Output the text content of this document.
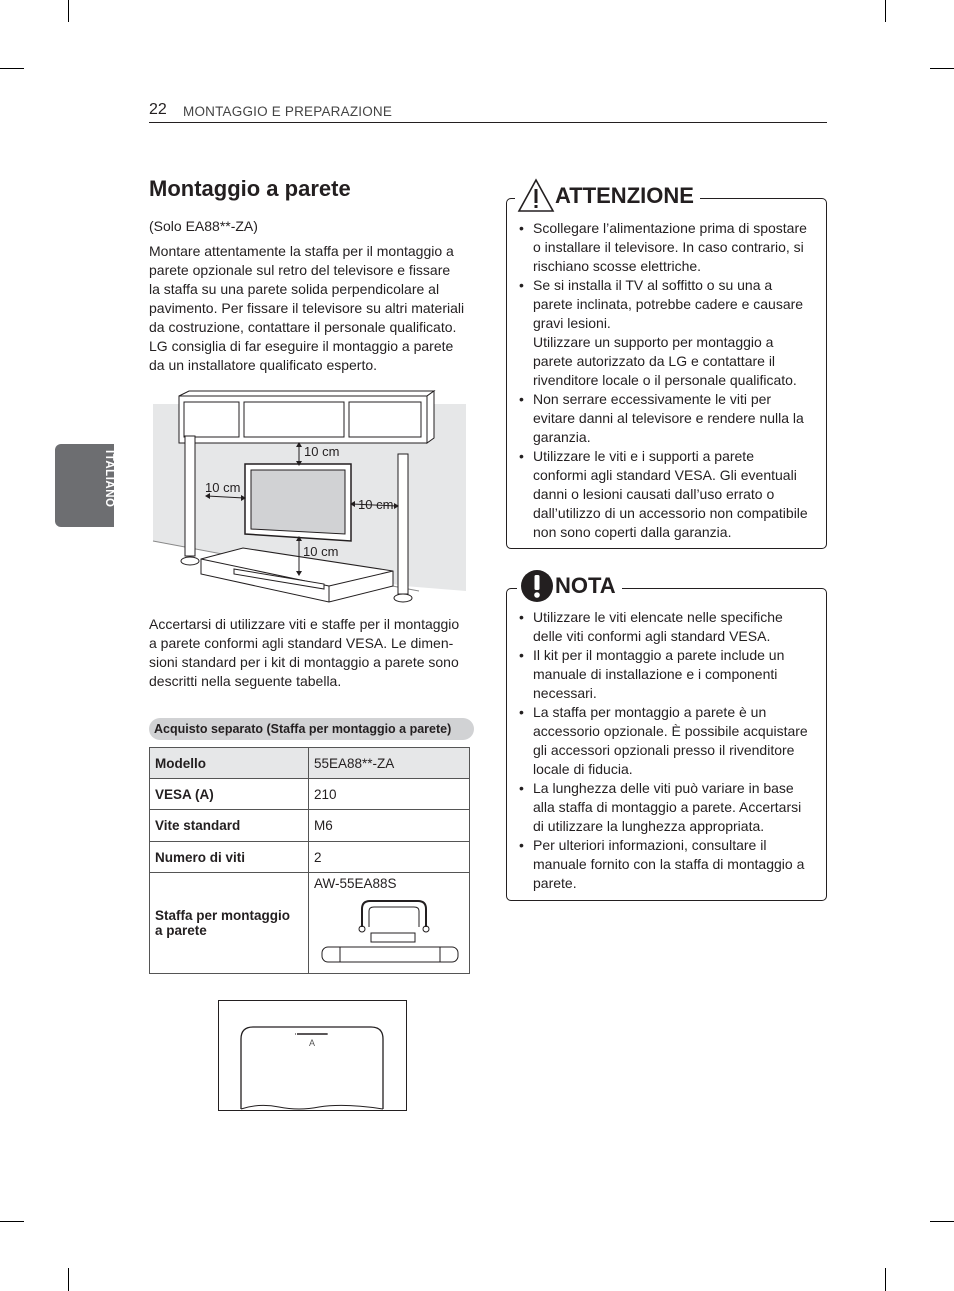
22 MONTAGGIO E PREPARAZIONE
ITALIANO
Montaggio a parete
(Solo EA88**-ZA)
Montare attentamente la staffa per il montaggio a
parete opzionale sul retro del televisore e fissare
la staffa su una parete solida perpendicolare al
pavimento. Per fissare il televisore su altri materiali
da costruzione, contattare il personale qualificato.
LG consiglia di far eseguire il montaggio a parete
da un installatore qualificato esperto.
10 cm
10 cm
10 cm
10 cm
Accertarsi di utilizzare viti e staffe per il montaggio
a parete conformi agli standard VESA. Le dimen-
sioni standard per i kit di montaggio a parete sono
descritti nella seguente tabella.
Acquisto separato (Staffa per montaggio a parete)
Modello	55EA88**-ZA
VESA (A)	210
Vite standard	M6
Numero di viti	2

Staffa per montaggio
a parete	AW-55EA88S
A
ATTENZIONE
• Scollegare l’alimentazione prima di spostare
o installare il televisore. In caso contrario, si
rischiano scosse elettriche.
• Se si installa il TV al soffitto o su una a
parete inclinata, potrebbe cadere e causare
gravi lesioni.
Utilizzare un supporto per montaggio a
parete autorizzato da LG e contattare il
rivenditore locale o il personale qualificato.
• Non serrare eccessivamente le viti per
evitare danni al televisore e rendere nulla la
garanzia.
• Utilizzare le viti e i supporti a parete
conformi agli standard VESA. Gli eventuali
danni o lesioni causati dall’uso errato o
dall’utilizzo di un accessorio non compatibile
non sono coperti dalla garanzia.
NOTA
• Utilizzare le viti elencate nelle specifiche
delle viti conformi agli standard VESA.
• Il kit per il montaggio a parete include un
manuale di installazione e i componenti
necessari.
• La staffa per montaggio a parete è un
accessorio opzionale. È possibile acquistare
gli accessori opzionali presso il rivenditore
locale di fiducia.
• La lunghezza delle viti può variare in base
alla staffa di montaggio a parete. Accertarsi
di utilizzare la lunghezza appropriata.
• Per ulteriori informazioni, consultare il
manuale fornito con la staffa di montaggio a
parete.
